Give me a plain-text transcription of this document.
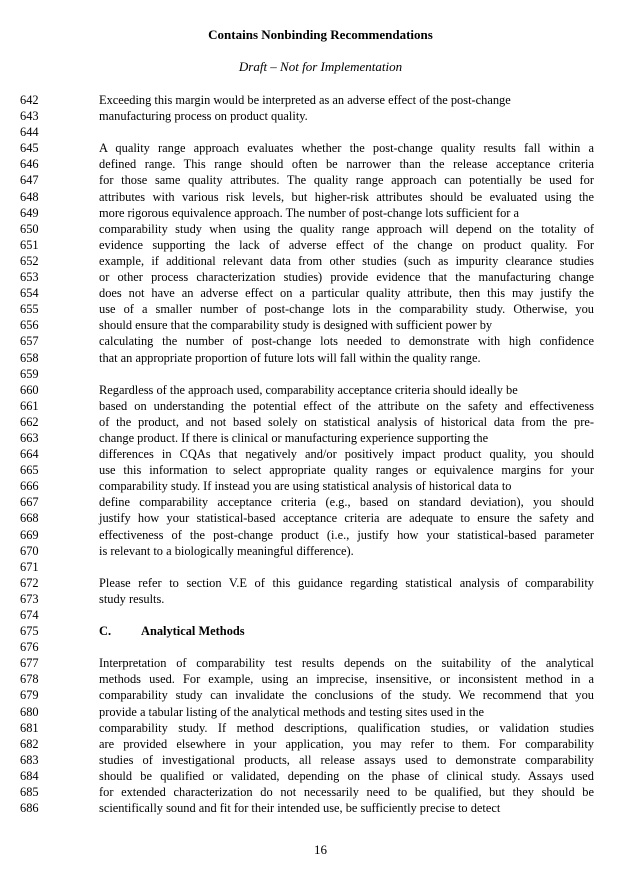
Contains Nonbinding Recommendations
Draft – Not for Implementation
642	Exceeding this margin would be interpreted as an adverse effect of the post-change
643	manufacturing process on product quality.
644
645	A quality range approach evaluates whether the post-change quality results fall within a
646	defined range. This range should often be narrower than the release acceptance criteria
647	for those same quality attributes. The quality range approach can potentially be used for
648	attributes with various risk levels, but higher-risk attributes should be evaluated using the
649	more rigorous equivalence approach. The number of post-change lots sufficient for a
650	comparability study when using the quality range approach will depend on the totality of
651	evidence supporting the lack of adverse effect of the change on product quality. For
652	example, if additional relevant data from other studies (such as impurity clearance studies
653	or other process characterization studies) provide evidence that the manufacturing change
654	does not have an adverse effect on a particular quality attribute, then this may justify the
655	use of a smaller number of post-change lots in the comparability study. Otherwise, you
656	should ensure that the comparability study is designed with sufficient power by
657	calculating the number of post-change lots needed to demonstrate with high confidence
658	that an appropriate proportion of future lots will fall within the quality range.
659
660	Regardless of the approach used, comparability acceptance criteria should ideally be
661	based on understanding the potential effect of the attribute on the safety and effectiveness
662	of the product, and not based solely on statistical analysis of historical data from the pre-
663	change product. If there is clinical or manufacturing experience supporting the
664	differences in CQAs that negatively and/or positively impact product quality, you should
665	use this information to select appropriate quality ranges or equivalence margins for your
666	comparability study. If instead you are using statistical analysis of historical data to
667	define comparability acceptance criteria (e.g., based on standard deviation), you should
668	justify how your statistical-based acceptance criteria are adequate to ensure the safety and
669	effectiveness of the post-change product (i.e., justify how your statistical-based parameter
670	is relevant to a biologically meaningful difference).
671
672	Please refer to section V.E of this guidance regarding statistical analysis of comparability
673	study results.
674
675	C. Analytical Methods
676
677	Interpretation of comparability test results depends on the suitability of the analytical
678	methods used. For example, using an imprecise, insensitive, or inconsistent method in a
679	comparability study can invalidate the conclusions of the study. We recommend that you
680	provide a tabular listing of the analytical methods and testing sites used in the
681	comparability study. If method descriptions, qualification studies, or validation studies
682	are provided elsewhere in your application, you may refer to them. For comparability
683	studies of investigational products, all release assays used to demonstrate comparability
684	should be qualified or validated, depending on the phase of clinical study. Assays used
685	for extended characterization do not necessarily need to be qualified, but they should be
686	scientifically sound and fit for their intended use, be sufficiently precise to detect
16
